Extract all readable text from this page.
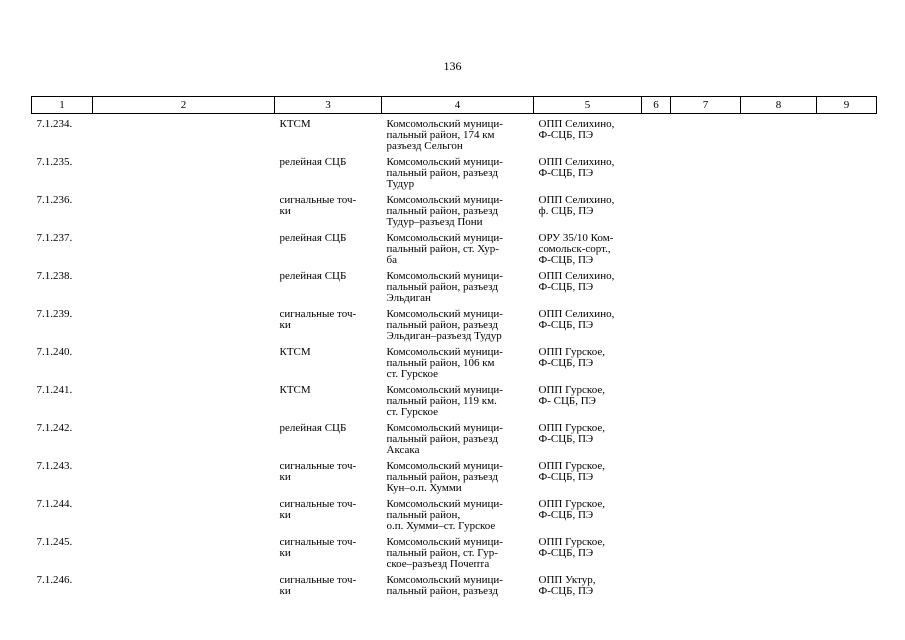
136
1	2	3	4	5	6	7	8	9

7.1.234.		КТСМ	Комсомольский муници-
пальный район, 174 км
разъезд Сельгон	ОПП Селихино,
Ф-СЦБ, ПЭ				

7.1.235.		релейная СЦБ	Комсомольский муници-
пальный район, разъезд
Тудур	ОПП Селихино,
Ф-СЦБ, ПЭ				

7.1.236.		сигнальные точ-
ки	Комсомольский муници-
пальный район, разъезд
Тудур–разъезд Пони	ОПП Селихино,
ф. СЦБ, ПЭ				

7.1.237.		релейная СЦБ	Комсомольский муници-
пальный район, ст. Хур-
ба	ОРУ 35/10 Ком-
сомольск-сорт.,
Ф-СЦБ, ПЭ				

7.1.238.		релейная СЦБ	Комсомольский муници-
пальный район, разъезд
Эльдиган	ОПП Селихино,
Ф-СЦБ, ПЭ				

7.1.239.		сигнальные точ-
ки	Комсомольский муници-
пальный район, разъезд
Эльдиган–разъезд Тудур	ОПП Селихино,
Ф-СЦБ, ПЭ				

7.1.240.		КТСМ	Комсомольский муници-
пальный район, 106 км
ст. Гурское	ОПП Гурское,
Ф-СЦБ, ПЭ				

7.1.241.		КТСМ	Комсомольский муници-
пальный район, 119 км.
ст. Гурское	ОПП Гурское,
Ф- СЦБ, ПЭ				

7.1.242.		релейная СЦБ	Комсомольский муници-
пальный район, разъезд
Аксака	ОПП Гурское,
Ф-СЦБ, ПЭ				

7.1.243.		сигнальные точ-
ки	Комсомольский муници-
пальный район, разъезд
Кун–о.п. Хумми	ОПП Гурское,
Ф-СЦБ, ПЭ				

7.1.244.		сигнальные точ-
ки	Комсомольский муници-
пальный район,
о.п. Хумми–ст. Гурское	ОПП Гурское,
Ф-СЦБ, ПЭ				

7.1.245.		сигнальные точ-
ки	Комсомольский муници-
пальный район, ст. Гур-
ское–разъезд Почепта	ОПП Гурское,
Ф-СЦБ, ПЭ				

7.1.246.		сигнальные точ-
ки	Комсомольский муници-
пальный район, разъезд	ОПП Уктур,
Ф-СЦБ, ПЭ				
